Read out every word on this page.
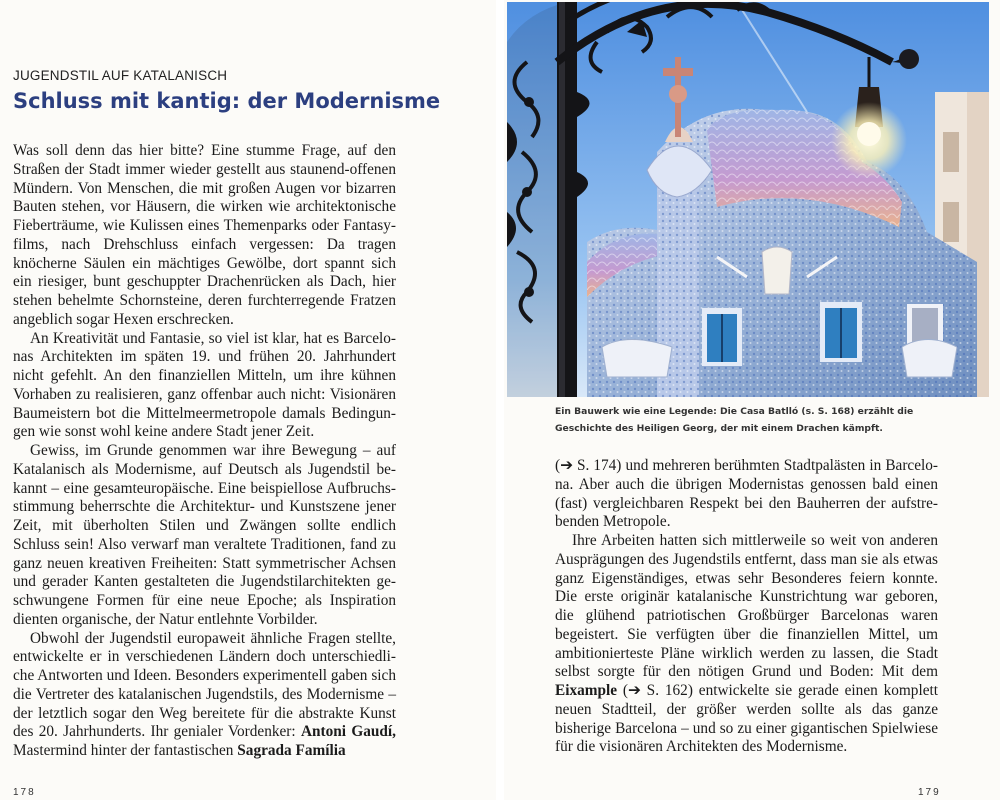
JUGENDSTIL AUF KATALANISCH
Schluss mit kantig: der Modernisme

Was soll denn das hier bitte? Eine stumme Frage, auf den Straßen der Stadt immer wieder gestellt aus staunend-offenen Mündern. Von Menschen, die mit großen Augen vor bizarren Bauten stehen, vor Häusern, die wirken wie architektonische Fieberträume, wie Kulissen eines Themenparks oder Fantasyfilms, nach Drehschluss einfach vergessen: Da tragen knöcherne Säulen ein mächtiges Gewölbe, dort spannt sich ein riesiger, bunt geschuppter Drachenrücken als Dach, hier stehen behelmte Schornsteine, deren furchterregende Fratzen angeblich sogar Hexen erschrecken.

An Kreativität und Fantasie, so viel ist klar, hat es Barcelonas Architekten im späten 19. und frühen 20. Jahrhundert nicht gefehlt. An den finanziellen Mitteln, um ihre kühnen Vorhaben zu realisieren, ganz offenbar auch nicht: Visionären Baumeistern bot die Mittelmeermetropole damals Bedingungen wie sonst wohl keine andere Stadt jener Zeit.

Gewiss, im Grunde genommen war ihre Bewegung – auf Katalanisch als Modernisme, auf Deutsch als Jugendstil bekannt – eine gesamteuropäische. Eine beispiellose Aufbruchsstimmung beherrschte die Architektur- und Kunstszene jener Zeit, mit überholten Stilen und Zwängen sollte endlich Schluss sein! Also verwarf man veraltete Traditionen, fand zu ganz neuen kreativen Freiheiten: Statt symmetrischer Achsen und gerader Kanten gestalteten die Jugendstilarchitekten geschwungene Formen für eine neue Epoche; als Inspiration dienten organische, der Natur entlehnte Vorbilder.

Obwohl der Jugendstil europaweit ähnliche Fragen stellte, entwickelte er in verschiedenen Ländern doch unterschiedliche Antworten und Ideen. Besonders experimentell gaben sich die Vertreter des katalanischen Jugendstils, des Modernisme – der letztlich sogar den Weg bereitete für die abstrakte Kunst des 20. Jahrhunderts. Ihr genialer Vordenker: Antoni Gaudí, Mastermind hinter der fantastischen Sagrada Família

Ein Bauwerk wie eine Legende: Die Casa Batlló (s. S. 168) erzählt die Geschichte des Heiligen Georg, der mit einem Drachen kämpft.

(➔ S. 174) und mehreren berühmten Stadtpalästen in Barcelona. Aber auch die übrigen Modernistas genossen bald einen (fast) vergleichbaren Respekt bei den Bauherren der aufstrebenden Metropole.

Ihre Arbeiten hatten sich mittlerweile so weit von anderen Ausprägungen des Jugendstils entfernt, dass man sie als etwas ganz Eigenständiges, etwas sehr Besonderes feiern konnte. Die erste originär katalanische Kunstrichtung war geboren, die glühend patriotischen Großbürger Barcelonas waren begeistert. Sie verfügten über die finanziellen Mittel, um ambitionierteste Pläne wirklich werden zu lassen, die Stadt selbst sorgte für den nötigen Grund und Boden: Mit dem Eixample (➔ S. 162) entwickelte sie gerade einen komplett neuen Stadtteil, der größer werden sollte als das ganze bisherige Barcelona – und so zu einer gigantischen Spielwiese für die visionären Architekten des Modernisme.

178	179
